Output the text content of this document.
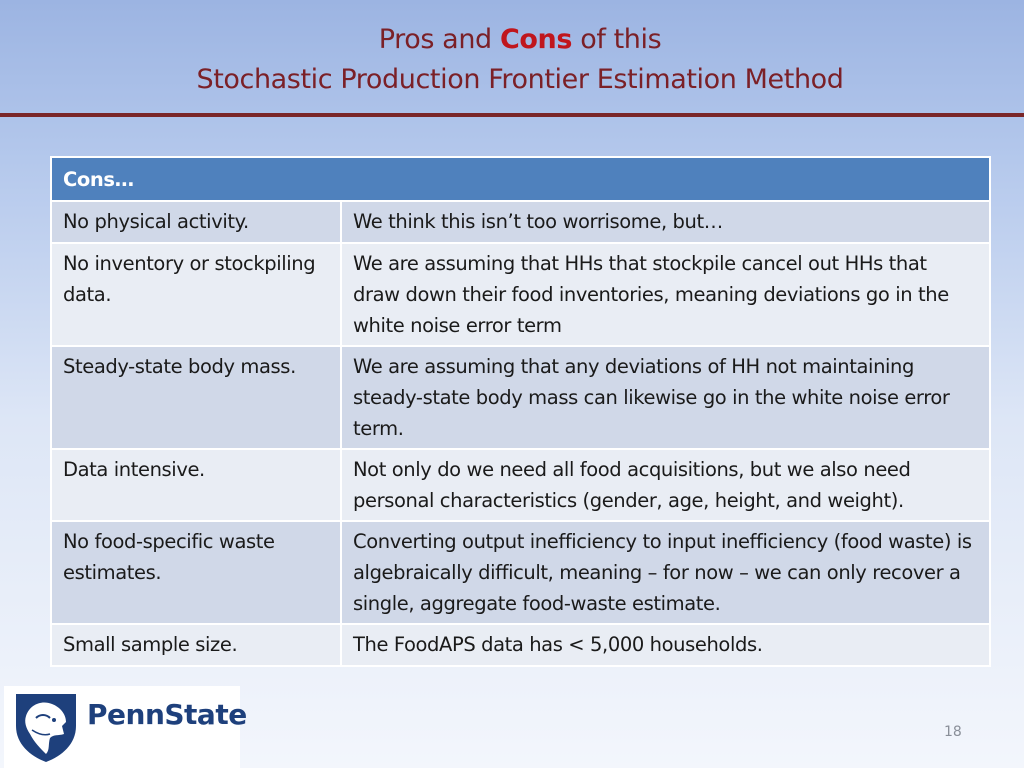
Pros and Cons of this
Stochastic Production Frontier Estimation Method
Cons…	
No physical activity.	We think this isn’t too worrisome, but…
No inventory or stockpiling data.	We are assuming that HHs that stockpile cancel out HHs that draw down their food inventories, meaning deviations go in the white noise error term
Steady-state body mass.	We are assuming that any deviations of HH not maintaining steady-state body mass can likewise go in the white noise error term.
Data intensive.	Not only do we need all food acquisitions, but we also need personal characteristics (gender, age, height, and weight).
No food-specific waste estimates.	Converting output inefficiency to input inefficiency (food waste) is algebraically difficult, meaning – for now – we can only recover a single, aggregate food-waste estimate.
Small sample size.	The FoodAPS data has < 5,000 households.
PennState
18
